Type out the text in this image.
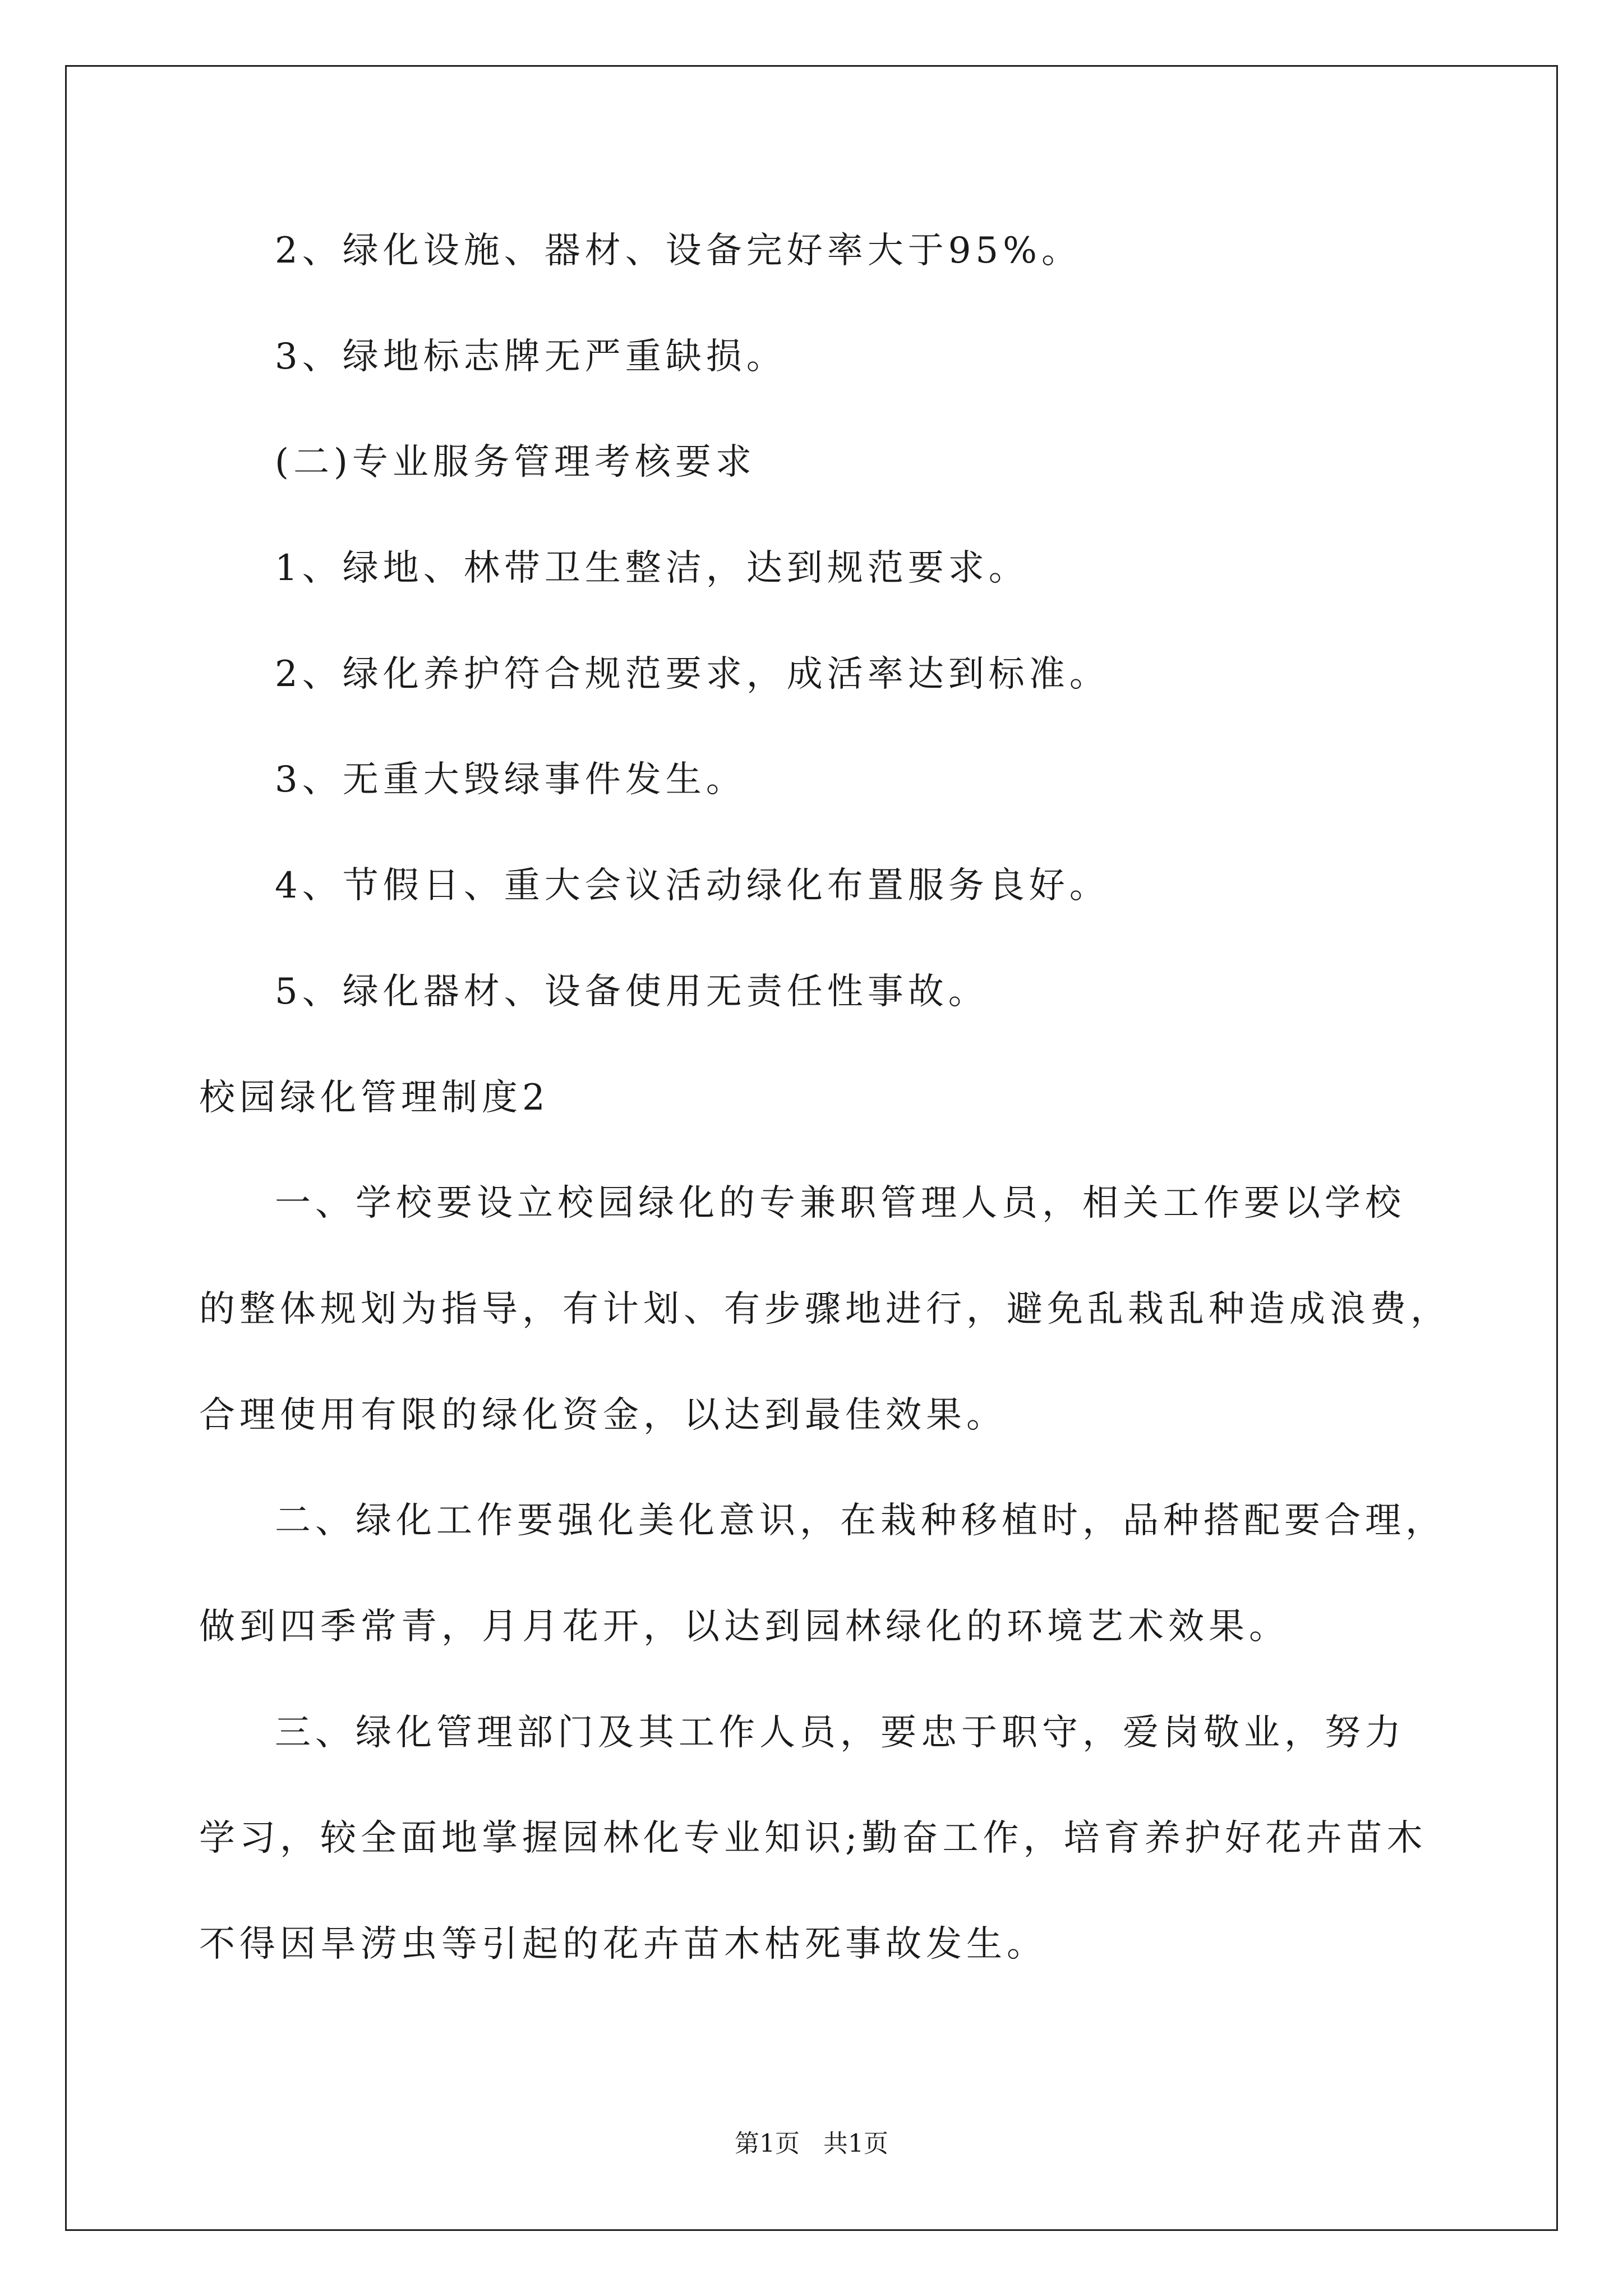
2、绿化设施、器材、设备完好率大于95%。
3、绿地标志牌无严重缺损。
(二)专业服务管理考核要求
1、绿地、林带卫生整洁，达到规范要求。
2、绿化养护符合规范要求，成活率达到标准。
3、无重大毁绿事件发生。
4、节假日、重大会议活动绿化布置服务良好。
5、绿化器材、设备使用无责任性事故。
校园绿化管理制度2
一、学校要设立校园绿化的专兼职管理人员，相关工作要以学校
的整体规划为指导，有计划、有步骤地进行，避免乱栽乱种造成浪费，
合理使用有限的绿化资金，以达到最佳效果。
二、绿化工作要强化美化意识，在栽种移植时，品种搭配要合理，
做到四季常青，月月花开，以达到园林绿化的环境艺术效果。
三、绿化管理部门及其工作人员，要忠于职守，爱岗敬业，努力
学习，较全面地掌握园林化专业知识;勤奋工作，培育养护好花卉苗木
不得因旱涝虫等引起的花卉苗木枯死事故发生。
第1页   共1页
